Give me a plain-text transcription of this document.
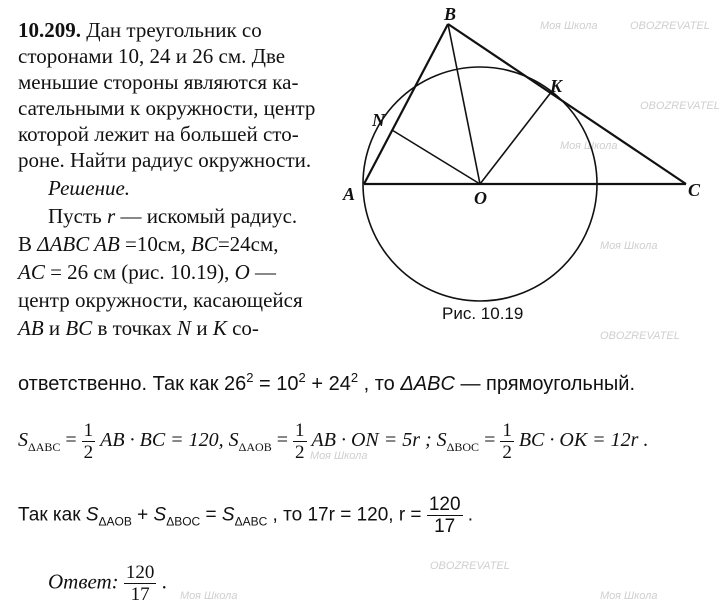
Моя Школа	OBOZREVATEL
Моя Школа
OBOZREVATEL
Моя Школа
OBOZREVATEL
Моя Школа
OBOZREVATEL
Моя Школа
Моя Школа
10.209. Дан треугольник со
сторонами 10, 24 и 26 см. Две
меньшие стороны являются ка-
сательными к окружности, центр
которой лежит на большей сто-
роне. Найти радиус окружности.
Решение.
Пусть r — искомый радиус.
В ΔABC AB =10см, BC=24см,
AC = 26 см (рис. 10.19), O —
центр окружности, касающейся
AB и BC в точках N и K со-
ответственно. Так как $26^2 = 10^2 + 24^2$ , то ΔABC — прямоугольный.
$S_{\Delta ABC} = \frac{1}{2}$ AB · BC = 120, $S_{\Delta AOB} = \frac{1}{2}$ AB · ON = 5r ; $S_{\Delta BOC} = \frac{1}{2}$ BC · OK = 12r .
Так как $S_{\Delta AOB} + S_{\Delta BOC} = S_{\Delta ABC}$ , то 17r = 120, $r = \frac{120}{17}$ .
Ответ: $\frac{120}{17}$ .
A
B
C
N
K
O
Рис. 10.19
